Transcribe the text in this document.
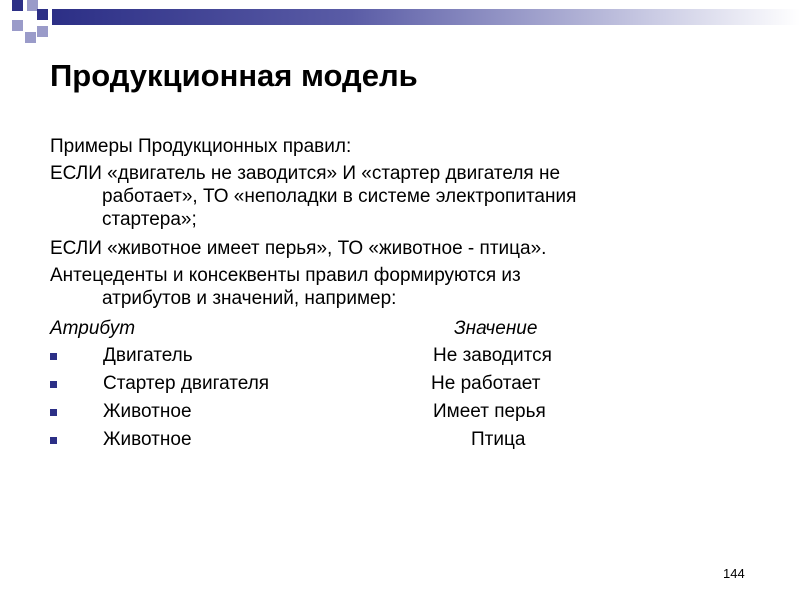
Продукционная модель

Примеры Продукционных правил:

ЕСЛИ «двигатель не заводится» И «стартер двигателя не

работает», ТО «неполадки в системе электропитания

стартера»;

ЕСЛИ «животное имеет перья», ТО «животное - птица».

Антецеденты и консеквенты правил формируются из

атрибутов и значений, например:

Атрибут	Значение
Двигатель	Не заводится
Стартер двигателя	Не работает
Животное	Имеет перья
Животное	Птица
144
